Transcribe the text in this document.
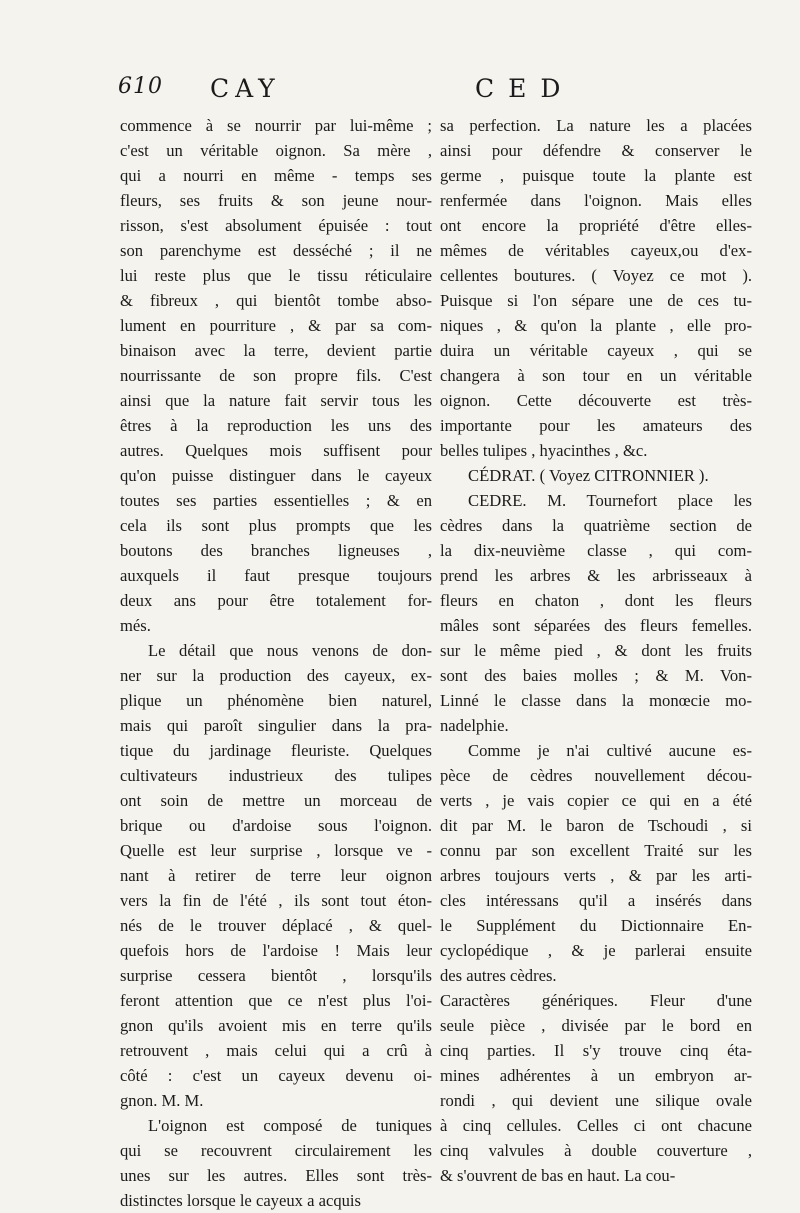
610 CAY	CED
commence à se nourrir par lui-même ;
c'est un véritable oignon. Sa mère ,
qui a nourri en même - temps ses
fleurs, ses fruits & son jeune nour-
risson, s'est absolument épuisée : tout
son parenchyme est desséché ; il ne
lui reste plus que le tissu réticulaire
& fibreux , qui bientôt tombe abso-
lument en pourriture , & par sa com-
binaison avec la terre, devient partie
nourrissante de son propre fils. C'est
ainsi que la nature fait servir tous les
êtres à la reproduction les uns des
autres. Quelques mois suffisent pour
qu'on puisse distinguer dans le cayeux
toutes ses parties essentielles ; & en
cela ils sont plus prompts que les
boutons des branches ligneuses ,
auxquels il faut presque toujours
deux ans pour être totalement for-
més.
Le détail que nous venons de don-
ner sur la production des cayeux, ex-
plique un phénomène bien naturel,
mais qui paroît singulier dans la pra-
tique du jardinage fleuriste. Quelques
cultivateurs industrieux des tulipes
ont soin de mettre un morceau de
brique ou d'ardoise sous l'oignon.
Quelle est leur surprise , lorsque ve -
nant à retirer de terre leur oignon
vers la fin de l'été , ils sont tout éton-
nés de le trouver déplacé , & quel-
quefois hors de l'ardoise ! Mais leur
surprise cessera bientôt , lorsqu'ils
feront attention que ce n'est plus l'oi-
gnon qu'ils avoient mis en terre qu'ils
retrouvent , mais celui qui a crû à
côté : c'est un cayeux devenu oi-
gnon. M. M.
L'oignon est composé de tuniques
qui se recouvrent circulairement les
unes sur les autres. Elles sont très-
distinctes lorsque le cayeux a acquis
sa perfection. La nature les a placées
ainsi pour défendre & conserver le
germe , puisque toute la plante est
renfermée dans l'oignon. Mais elles
ont encore la propriété d'être elles-
mêmes de véritables cayeux,ou d'ex-
cellentes boutures. ( Voyez ce mot ).
Puisque si l'on sépare une de ces tu-
niques , & qu'on la plante , elle pro-
duira un véritable cayeux , qui se
changera à son tour en un véritable
oignon. Cette découverte est très-
importante pour les amateurs des
belles tulipes , hyacinthes , &c.
CÉDRAT. ( Voyez CITRONNIER ).
CEDRE. M. Tournefort place les
cèdres dans la quatrième section de
la dix-neuvième classe , qui com-
prend les arbres & les arbrisseaux à
fleurs en chaton , dont les fleurs
mâles sont séparées des fleurs femelles.
sur le même pied , & dont les fruits
sont des baies molles ; & M. Von-
Linné le classe dans la monœcie mo-
nadelphie.
Comme je n'ai cultivé aucune es-
pèce de cèdres nouvellement décou-
verts , je vais copier ce qui en a été
dit par M. le baron de Tschoudi , si
connu par son excellent Traité sur les
arbres toujours verts , & par les arti-
cles intéressans qu'il a insérés dans
le Supplément du Dictionnaire En-
cyclopédique , & je parlerai ensuite
des autres cèdres.
Caractères génériques. Fleur d'une
seule pièce , divisée par le bord en
cinq parties. Il s'y trouve cinq éta-
mines adhérentes à un embryon ar-
rondi , qui devient une silique ovale
à cinq cellules. Celles ci ont chacune
cinq valvules à double couverture ,
& s'ouvrent de bas en haut. La cou-
